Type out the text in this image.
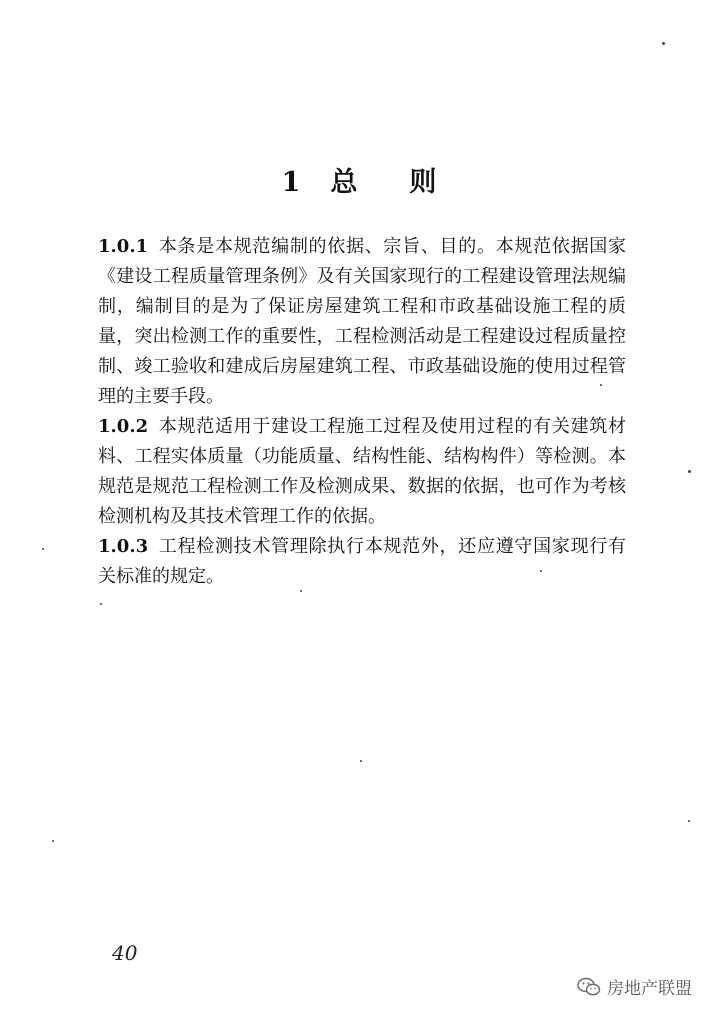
1 总 则

1.0.1 本条是本规范编制的依据、宗旨、目的。本规范依据国家《建设工程质量管理条例》及有关国家现行的工程建设管理法规编制，编制目的是为了保证房屋建筑工程和市政基础设施工程的质量，突出检测工作的重要性，工程检测活动是工程建设过程质量控制、竣工验收和建成后房屋建筑工程、市政基础设施的使用过程管理的主要手段。

1.0.2 本规范适用于建设工程施工过程及使用过程的有关建筑材料、工程实体质量（功能质量、结构性能、结构构件）等检测。本规范是规范工程检测工作及检测成果、数据的依据，也可作为考核检测机构及其技术管理工作的依据。

1.0.3 工程检测技术管理除执行本规范外，还应遵守国家现行有关标准的规定。

40
房地产联盟
